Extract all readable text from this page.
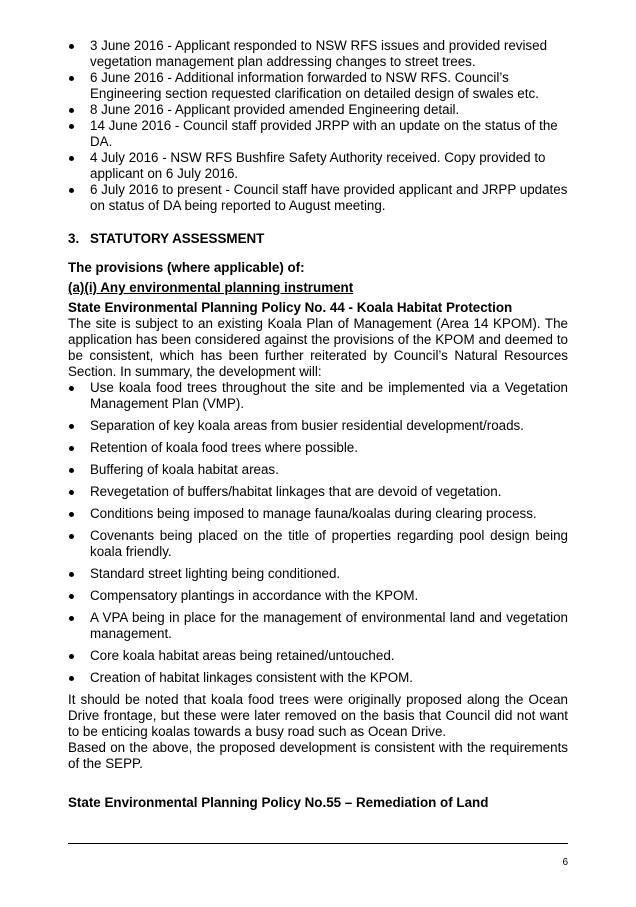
3 June 2016 - Applicant responded to NSW RFS issues and provided revised vegetation management plan addressing changes to street trees.
6 June 2016 - Additional information forwarded to NSW RFS. Council’s Engineering section requested clarification on detailed design of swales etc.
8 June 2016 - Applicant provided amended Engineering detail.
14 June 2016 - Council staff provided JRPP with an update on the status of the DA.
4 July 2016 - NSW RFS Bushfire Safety Authority received. Copy provided to applicant on 6 July 2016.
6 July 2016 to present - Council staff have provided applicant and JRPP updates on status of DA being reported to August meeting.
3. STATUTORY ASSESSMENT
The provisions (where applicable) of:
(a)(i) Any environmental planning instrument
State Environmental Planning Policy No. 44 - Koala Habitat Protection

The site is subject to an existing Koala Plan of Management (Area 14 KPOM). The application has been considered against the provisions of the KPOM and deemed to be consistent, which has been further reiterated by Council’s Natural Resources Section. In summary, the development will:

Use koala food trees throughout the site and be implemented via a Vegetation Management Plan (VMP).
Separation of key koala areas from busier residential development/roads.
Retention of koala food trees where possible.
Buffering of koala habitat areas.
Revegetation of buffers/habitat linkages that are devoid of vegetation.
Conditions being imposed to manage fauna/koalas during clearing process.
Covenants being placed on the title of properties regarding pool design being koala friendly.
Standard street lighting being conditioned.
Compensatory plantings in accordance with the KPOM.
A VPA being in place for the management of environmental land and vegetation management.
Core koala habitat areas being retained/untouched.
Creation of habitat linkages consistent with the KPOM.

It should be noted that koala food trees were originally proposed along the Ocean Drive frontage, but these were later removed on the basis that Council did not want to be enticing koalas towards a busy road such as Ocean Drive.

Based on the above, the proposed development is consistent with the requirements of the SEPP.

State Environmental Planning Policy No.55 – Remediation of Land
6
